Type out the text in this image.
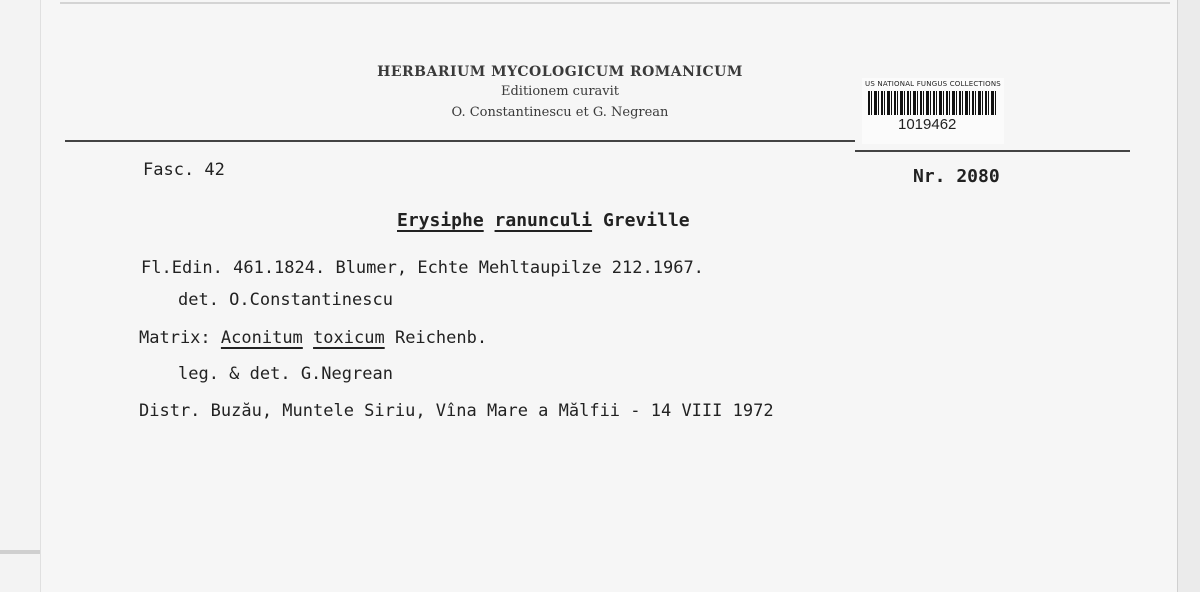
HERBARIUM MYCOLOGICUM ROMANICUM
Editionem curavit
O. Constantinescu et G. Negrean
US NATIONAL FUNGUS COLLECTIONS
1019462
Fasc. 42	Nr. 2080
Erysiphe ranunculi Greville
Fl.Edin. 461.1824. Blumer, Echte Mehltaupilze 212.1967.
det. O.Constantinescu
Matrix: Aconitum toxicum Reichenb.
leg. & det. G.Negrean
Distr. Buzău, Muntele Siriu, Vîna Mare a Mălfii - 14 VIII 1972
